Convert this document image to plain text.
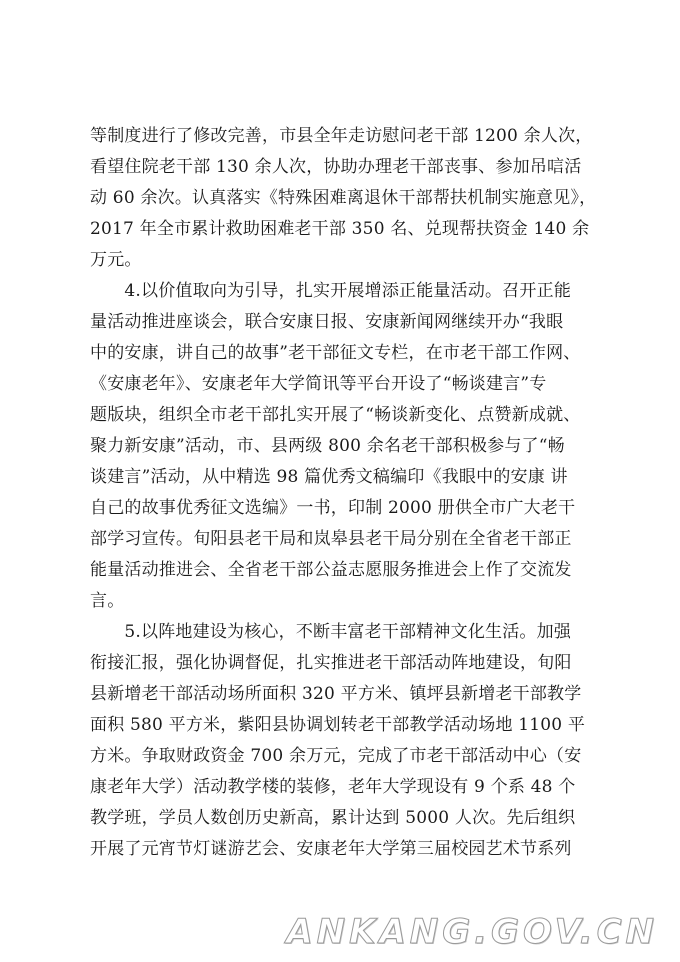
等制度进行了修改完善，市县全年走访慰问老干部 1200 余人次，
看望住院老干部 130 余人次，协助办理老干部丧事、参加吊唁活
动 60 余次。认真落实《特殊困难离退休干部帮扶机制实施意见》，
2017 年全市累计救助困难老干部 350 名、兑现帮扶资金 140 余
万元。
　　4.以价值取向为引导，扎实开展增添正能量活动。召开正能
量活动推进座谈会，联合安康日报、安康新闻网继续开办“我眼
中的安康，讲自己的故事”老干部征文专栏，在市老干部工作网、
《安康老年》、安康老年大学简讯等平台开设了“畅谈建言”专
题版块，组织全市老干部扎实开展了“畅谈新变化、点赞新成就、
聚力新安康”活动，市、县两级 800 余名老干部积极参与了“畅
谈建言”活动，从中精选 98 篇优秀文稿编印《我眼中的安康 讲
自己的故事优秀征文选编》一书，印制 2000 册供全市广大老干
部学习宣传。旬阳县老干局和岚皋县老干局分别在全省老干部正
能量活动推进会、全省老干部公益志愿服务推进会上作了交流发
言。
　　5.以阵地建设为核心，不断丰富老干部精神文化生活。加强
衔接汇报，强化协调督促，扎实推进老干部活动阵地建设，旬阳
县新增老干部活动场所面积 320 平方米、镇坪县新增老干部教学
面积 580 平方米，紫阳县协调划转老干部教学活动场地 1100 平
方米。争取财政资金 700 余万元，完成了市老干部活动中心（安
康老年大学）活动教学楼的装修，老年大学现设有 9 个系 48 个
教学班，学员人数创历史新高，累计达到 5000 人次。先后组织
开展了元宵节灯谜游艺会、安康老年大学第三届校园艺术节系列
ANKANG.GOV.CN
